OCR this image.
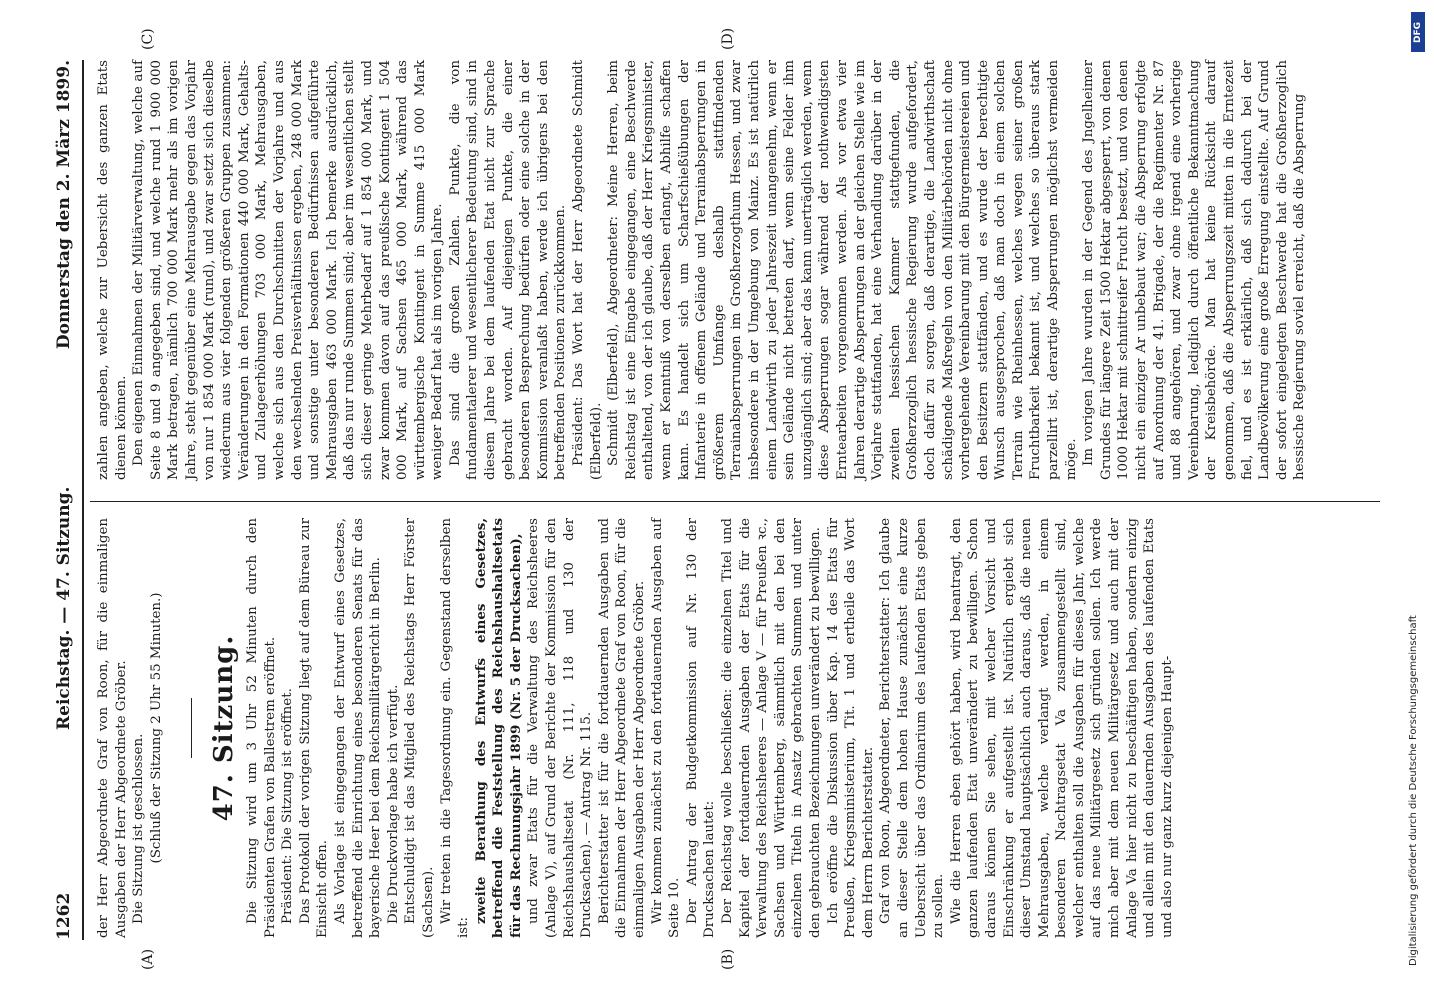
1262
Reichstag. — 47. Sitzung.
Donnerstag den 2. März 1899.
(A)	(B)
(C)	(D)

der Herr Abgeordnete Graf von Roon, für die einmaligen Ausgaben der Herr Abgeordnete Gröber. Die Sitzung ist geschlossen. (Schluß der Sitzung 2 Uhr 55 Minuten.) 47. Sitzung. Die Sitzung wird um 3 Uhr 52 Minuten durch den Präsidenten Grafen von Ballestrem eröffnet. Präsident: Die Sitzung ist eröffnet. Das Protokoll der vorigen Sitzung liegt auf dem Büreau zur Einsicht offen. Als Vorlage ist eingegangen der Entwurf eines Gesetzes, betreffend die Einrichtung eines besonderen Senats für das bayerische Heer bei dem Reichsmilitärgericht in Berlin. Die Druckvorlage habe ich verfügt. Entschuldigt ist das Mitglied des Reichstags Herr Förster (Sachsen). Wir treten in die Tagesordnung ein. Gegenstand derselben ist:

zweite Berathung des Entwurfs eines Gesetzes, betreffend die Feststellung des Reichshaushaltsetats für das Rechnungsjahr 1899 (Nr. 5 der Drucksachen), und zwar Etats für die Verwaltung des Reichsheeres (Anlage V), auf Grund der Berichte der Kommission für den Reichshaushaltsetat (Nr. 111, 118 und 130 der Drucksachen). — Antrag Nr. 115. Berichterstatter ist für die fortdauernden Ausgaben und die Einnahmen der Herr Abgeordnete Graf von Roon, für die einmaligen Ausgaben der Herr Abgeordnete Gröber. Wir kommen zunächst zu den fortdauernden Ausgaben auf Seite 10. Der Antrag der Budgetkommission auf Nr. 130 der Drucksachen lautet: Der Reichstag wolle beschließen: die einzelnen Titel und Kapitel der fortdauernden Ausgaben der Etats für die Verwaltung des Reichsheeres — Anlage V — für Preußen ꝛc., Sachsen und Württemberg, sämmtlich mit den bei den einzelnen Titeln in Ansatz gebrachten Summen und unter den gebrauchten Bezeichnungen unverändert zu bewilligen. Ich eröffne die Diskussion über Kap. 14 des Etats für Preußen, Kriegsministerium, Tit. 1 und ertheile das Wort dem Herrn Berichterstatter. Graf von Roon, Abgeordneter, Berichterstatter: Ich glaube an dieser Stelle dem hohen Hause zunächst eine kurze Uebersicht über das Ordinarium des laufenden Etats geben zu sollen. Wie die Herren eben gehört haben, wird beantragt, den ganzen laufenden Etat unverändert zu bewilligen. Schon daraus können Sie sehen, mit welcher Vorsicht und Einschränkung er aufgestellt ist. Natürlich ergiebt sich dieser Umstand hauptsächlich auch daraus, daß die neuen Mehrausgaben, welche verlangt werden, in einem besonderen Nachtragsetat Va zusammengestellt sind, welcher enthalten soll die Ausgaben für dieses Jahr, welche auf das neue Militärgesetz sich gründen sollen. Ich werde mich aber mit dem neuen Militärgesetz und auch mit der Anlage Va hier nicht zu beschäftigen haben, sondern einzig und allein mit den dauernden Ausgaben des laufenden Etats und also nur ganz kurz diejenigen Haupt-

zahlen angeben, welche zur Uebersicht des ganzen Etats dienen können. Den eigenen Einnahmen der Militärverwaltung, welche auf Seite 8 und 9 angegeben sind, und welche rund 1 900 000 Mark betragen, nämlich 700 000 Mark mehr als im vorigen Jahre, steht gegenüber eine Mehrausgabe gegen das Vorjahr von nur 1 854 000 Mark (rund), und zwar setzt sich dieselbe wiederum aus vier folgenden größeren Gruppen zusammen: Veränderungen in den Formationen 440 000 Mark, Gehalts- und Zulageerhöhungen 703 000 Mark, Mehrausgaben, welche sich aus den Durchschnitten der Vorjahre und aus den wechselnden Preisverhältnissen ergeben, 248 000 Mark und sonstige unter besonderen Bedürfnissen aufgeführte Mehrausgaben 463 000 Mark. Ich bemerke ausdrücklich, daß das nur runde Summen sind; aber im wesentlichen stellt sich dieser geringe Mehrbedarf auf 1 854 000 Mark, und zwar kommen davon auf das preußische Kontingent 1 504 000 Mark, auf Sachsen 465 000 Mark, während das württembergische Kontingent in Summe 415 000 Mark weniger Bedarf hat als im vorigen Jahre. Das sind die großen Zahlen. Punkte, die von fundamentalerer und wesentlicherer Bedeutung sind, sind in diesem Jahre bei dem laufenden Etat nicht zur Sprache gebracht worden. Auf diejenigen Punkte, die einer besonderen Besprechung bedürfen oder eine solche in der Kommission veranlaßt haben, werde ich übrigens bei den betreffenden Positionen zurückkommen. Präsident: Das Wort hat der Herr Abgeordnete Schmidt (Elberfeld). Schmidt (Elberfeld), Abgeordneter: Meine Herren, beim Reichstag ist eine Eingabe eingegangen, eine Beschwerde enthaltend, von der ich glaube, daß der Herr Kriegsminister, wenn er Kenntniß von derselben erlangt, Abhilfe schaffen kann. Es handelt sich um Scharfschießübungen der Infanterie in offenem Gelände und Terrainabsperrungen in größerem Umfange deshalb stattfindenden Terrainabsperrungen im Großherzogthum Hessen, und zwar insbesondere in der Umgebung von Mainz. Es ist natürlich einem Landwirth zu jeder Jahreszeit unangenehm, wenn er sein Gelände nicht betreten darf, wenn seine Felder ihm unzugänglich sind; aber das kann unerträglich werden, wenn diese Absperrungen sogar während der nothwendigsten Erntearbeiten vorgenommen werden. Als vor etwa vier Jahren derartige Absperrungen an der gleichen Stelle wie im Vorjahre stattfanden, hat eine Verhandlung darüber in der zweiten hessischen Kammer stattgefunden, die Großherzoglich hessische Regierung wurde aufgefordert, doch dafür zu sorgen, daß derartige, die Landwirthschaft schädigende Maßregeln von den Militärbehörden nicht ohne vorhergehende Vereinbarung mit den Bürgermeistereien und den Besitzern stattfänden, und es wurde der berechtigte Wunsch ausgesprochen, daß man doch in einem solchen Terrain wie Rheinhessen, welches wegen seiner großen Fruchtbarkeit bekannt ist, und welches so überaus stark parzellirt ist, derartige Absperrungen möglichst vermeiden möge. Im vorigen Jahre wurden in der Gegend des Jngelheimer Grundes für längere Zeit 1500 Hektar abgesperrt, von denen 1000 Hektar mit schnittreifer Frucht besetzt, und von denen nicht ein einziger Ar unbebaut war; die Absperrung erfolgte auf Anordnung der 41. Brigade, der die Regimenter Nr. 87 und 88 angehören, und zwar ohne irgend eine vorherige Vereinbarung, lediglich durch öffentliche Bekanntmachung der Kreisbehörde. Man hat keine Rücksicht darauf genommen, daß die Absperrungszeit mitten in die Erntezeit fiel, und es ist erklärlich, daß sich dadurch bei der Landbevölkerung eine große Erregung einstellte. Auf Grund der sofort eingelegten Beschwerde hat die Großherzoglich hessische Regierung soviel erreicht, daß die Absperrung

DFG
Digitalisierung gefördert durch die Deutsche Forschungsgemeinschaft
